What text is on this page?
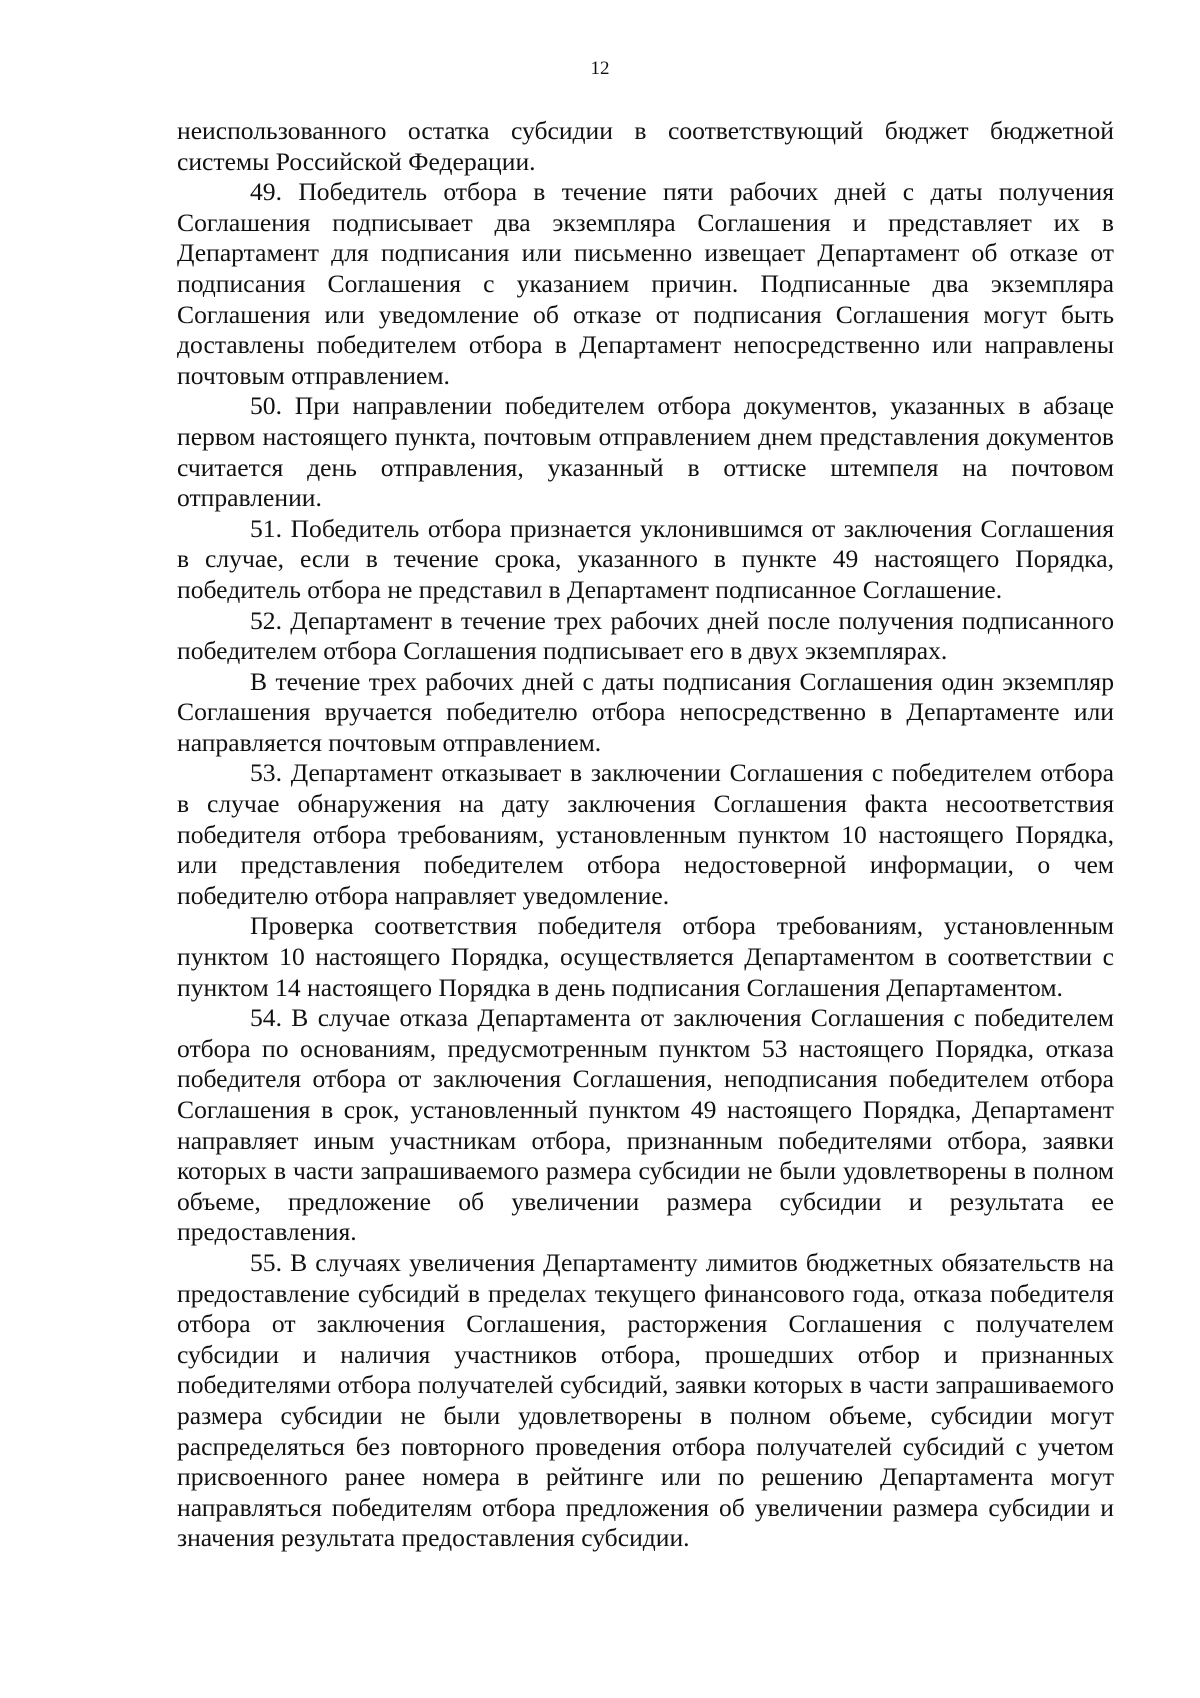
12

неиспользованного остатка субсидии в соответствующий бюджет бюджетной системы Российской Федерации.

49. Победитель отбора в течение пяти рабочих дней с даты получения Соглашения подписывает два экземпляра Соглашения и представляет их в Департамент для подписания или письменно извещает Департамент об отказе от подписания Соглашения с указанием причин. Подписанные два экземпляра Соглашения или уведомление об отказе от подписания Соглашения могут быть доставлены победителем отбора в Департамент непосредственно или направлены почтовым отправлением.

50. При направлении победителем отбора документов, указанных в абзаце первом настоящего пункта, почтовым отправлением днем представления документов считается день отправления, указанный в оттиске штемпеля на почтовом отправлении.

51. Победитель отбора признается уклонившимся от заключения Соглашения в случае, если в течение срока, указанного в пункте 49 настоящего Порядка, победитель отбора не представил в Департамент подписанное Соглашение.

52. Департамент в течение трех рабочих дней после получения подписанного победителем отбора Соглашения подписывает его в двух экземплярах.

В течение трех рабочих дней с даты подписания Соглашения один экземпляр Соглашения вручается победителю отбора непосредственно в Департаменте или направляется почтовым отправлением.

53. Департамент отказывает в заключении Соглашения с победителем отбора в случае обнаружения на дату заключения Соглашения факта несоответствия победителя отбора требованиям, установленным пунктом 10 настоящего Порядка, или представления победителем отбора недостоверной информации, о чем победителю отбора направляет уведомление.

Проверка соответствия победителя отбора требованиям, установленным пунктом 10 настоящего Порядка, осуществляется Департаментом в соответствии с пунктом 14 настоящего Порядка в день подписания Соглашения Департаментом.

54. В случае отказа Департамента от заключения Соглашения с победителем отбора по основаниям, предусмотренным пунктом 53 настоящего Порядка, отказа победителя отбора от заключения Соглашения, неподписания победителем отбора Соглашения в срок, установленный пунктом 49 настоящего Порядка, Департамент направляет иным участникам отбора, признанным победителями отбора, заявки которых в части запрашиваемого размера субсидии не были удовлетворены в полном объеме, предложение об увеличении размера субсидии и результата ее предоставления.

55. В случаях увеличения Департаменту лимитов бюджетных обязательств на предоставление субсидий в пределах текущего финансового года, отказа победителя отбора от заключения Соглашения, расторжения Соглашения с получателем субсидии и наличия участников отбора, прошедших отбор и признанных победителями отбора получателей субсидий, заявки которых в части запрашиваемого размера субсидии не были удовлетворены в полном объеме, субсидии могут распределяться без повторного проведения отбора получателей субсидий с учетом присвоенного ранее номера в рейтинге или по решению Департамента могут направляться победителям отбора предложения об увеличении размера субсидии и значения результата предоставления субсидии.
